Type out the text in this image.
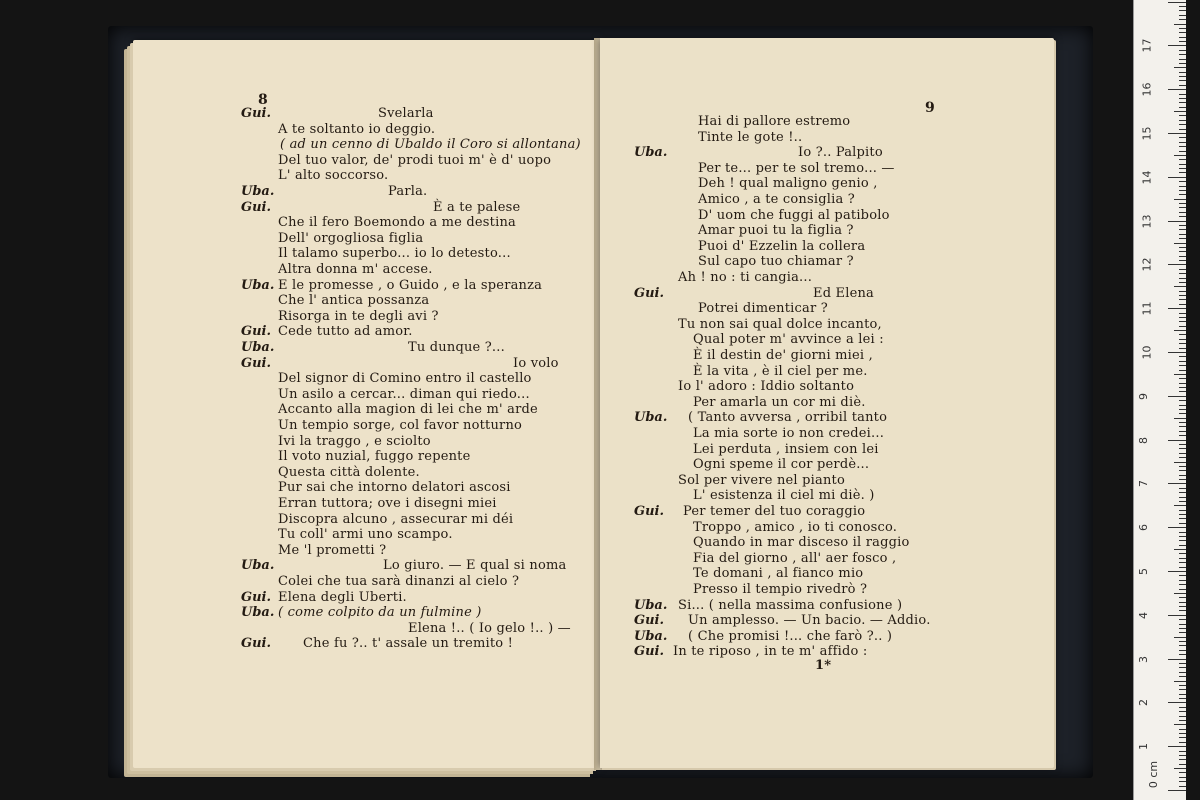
8
Gui.	Svelarla
A te soltanto io deggio.
( ad un cenno di Ubaldo il Coro si allontana)
Del tuo valor, de' prodi tuoi m' è d' uopo
L' alto soccorso.
Uba.	Parla.
Gui.	È a te palese
Che il fero Boemondo a me destina
Dell' orgogliosa figlia
Il talamo superbo... io lo detesto...
Altra donna m' accese.
Uba. E le promesse , o Guido , e la speranza
Che l' antica possanza
Risorga in te degli avi ?
Gui. Cede tutto ad amor.
Uba.	Tu dunque ?...
Gui.	Io volo
Del signor di Comino entro il castello
Un asilo a cercar... diman qui riedo...
Accanto alla magion di lei che m' arde
Un tempio sorge, col favor notturno
Ivi la traggo , e sciolto
Il voto nuzial, fuggo repente
Questa città dolente.
Pur sai che intorno delatori ascosi
Erran tuttora; ove i disegni miei
Discopra alcuno , assecurar mi déi
Tu coll' armi uno scampo.
Me 'l prometti ?
Uba.	Lo giuro. — E qual si noma
Colei che tua sarà dinanzi al cielo ?
Gui. Elena degli Uberti.
Uba. ( come colpito da un fulmine )
Elena !.. ( Io gelo !.. ) —
Gui. Che fu ?.. t' assale un tremito !
9
Hai di pallore estremo
Tinte le gote !..
Uba.	Io ?.. Palpito
Per te... per te sol tremo... —
Deh ! qual maligno genio ,
Amico , a te consiglia ?
D' uom che fuggi al patibolo
Amar puoi tu la figlia ?
Puoi d' Ezzelin la collera
Sul capo tuo chiamar ?
Ah ! no : ti cangia...
Gui.	Ed Elena
Potrei dimenticar ?
Tu non sai qual dolce incanto,
Qual poter m' avvince a lei :
È il destin de' giorni miei ,
È la vita , è il ciel per me.
Io l' adoro : Iddio soltanto
Per amarla un cor mi diè.
Uba. ( Tanto avversa , orribil tanto
La mia sorte io non credei...
Lei perduta , insiem con lei
Ogni speme il cor perdè...
Sol per vivere nel pianto
L' esistenza il ciel mi diè. )
Gui. Per temer del tuo coraggio
Troppo , amico , io ti conosco.
Quando in mar disceso il raggio
Fia del giorno , all' aer fosco ,
Te domani , al fianco mio
Presso il tempio rivedrò ?
Uba. Si... ( nella massima confusione )
Gui. Un amplesso. — Un bacio. — Addio.
Uba. ( Che promisi !... che farò ?.. )
Gui. In te riposo , in te m' affido :
1*
1
2
3
4
5
6
7
8
9
10
11
12
13
14
15
16
17
0 cm
